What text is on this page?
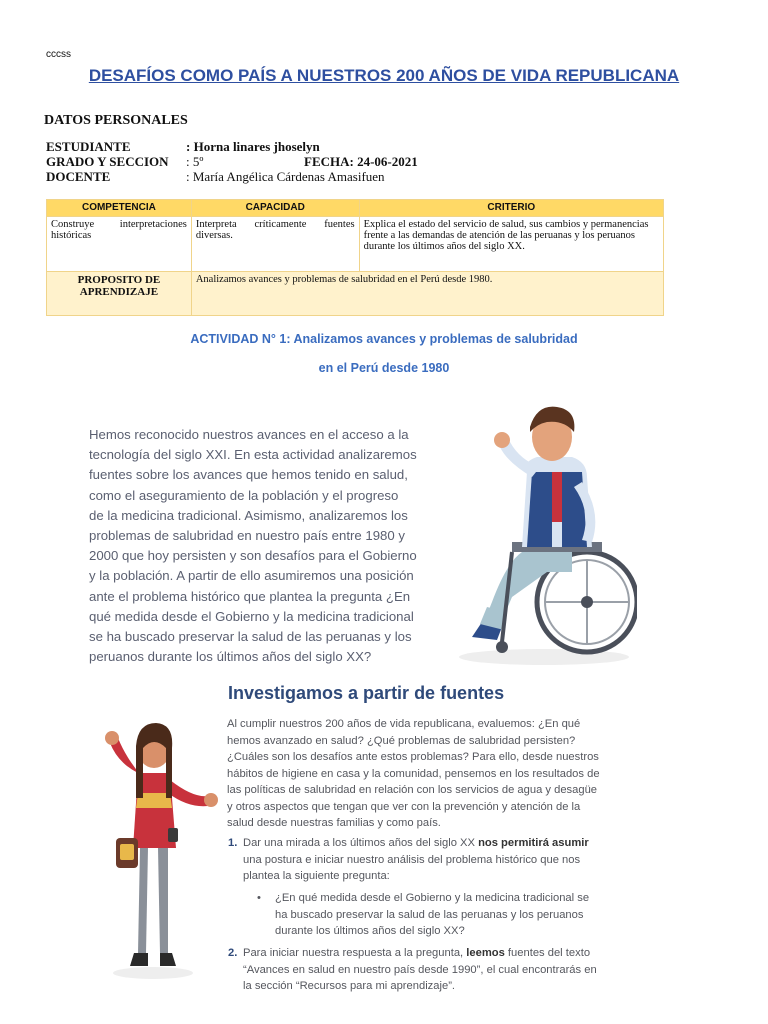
cccss
DESAFÍOS COMO PAÍS A NUESTROS 200 AÑOS DE VIDA REPUBLICANA
DATOS PERSONALES
ESTUDIANTE	: Horna linares jhoselyn
GRADO Y SECCION : 5º	FECHA: 24-06-2021
DOCENTE	: María Angélica Cárdenas Amasifuen
COMPETENCIA	CAPACIDAD	CRITERIO
Construye interpretaciones históricas	Interpreta críticamente fuentes diversas.	Explica el estado del servicio de salud, sus cambios y permanencias frente a las demandas de atención de las peruanas y los peruanos durante los últimos años del siglo XX.
PROPOSITO DE APRENDIZAJE	Analizamos avances y problemas de salubridad en el Perú desde 1980.	
ACTIVIDAD N° 1: Analizamos avances y problemas de salubridad
en el Perú desde 1980
Hemos reconocido nuestros avances en el acceso a la
tecnología del siglo XXI. En esta actividad analizaremos
fuentes sobre los avances que hemos tenido en salud,
como el aseguramiento de la población y el progreso
de la medicina tradicional. Asimismo, analizaremos los
problemas de salubridad en nuestro país entre 1980 y
2000 que hoy persisten y son desafíos para el Gobierno
y la población. A partir de ello asumiremos una posición
ante el problema histórico que plantea la pregunta ¿En
qué medida desde el Gobierno y la medicina tradicional
se ha buscado preservar la salud de las peruanas y los
peruanos durante los últimos años del siglo XX?
Investigamos a partir de fuentes
Al cumplir nuestros 200 años de vida republicana, evaluemos: ¿En qué
hemos avanzado en salud? ¿Qué problemas de salubridad persisten?
¿Cuáles son los desafíos ante estos problemas? Para ello, desde nuestros
hábitos de higiene en casa y la comunidad, pensemos en los resultados de
las políticas de salubridad en relación con los servicios de agua y desagüe
y otros aspectos que tengan que ver con la prevención y atención de la
salud desde nuestras familias y como país.
1. Dar una mirada a los últimos años del siglo XX nos permitirá asumir
una postura e iniciar nuestro análisis del problema histórico que nos
plantea la siguiente pregunta:
• ¿En qué medida desde el Gobierno y la medicina tradicional se
ha buscado preservar la salud de las peruanas y los peruanos
durante los últimos años del siglo XX?
2. Para iniciar nuestra respuesta a la pregunta, leemos fuentes del texto
“Avances en salud en nuestro país desde 1990”, el cual encontrarás en
la sección “Recursos para mi aprendizaje”.
